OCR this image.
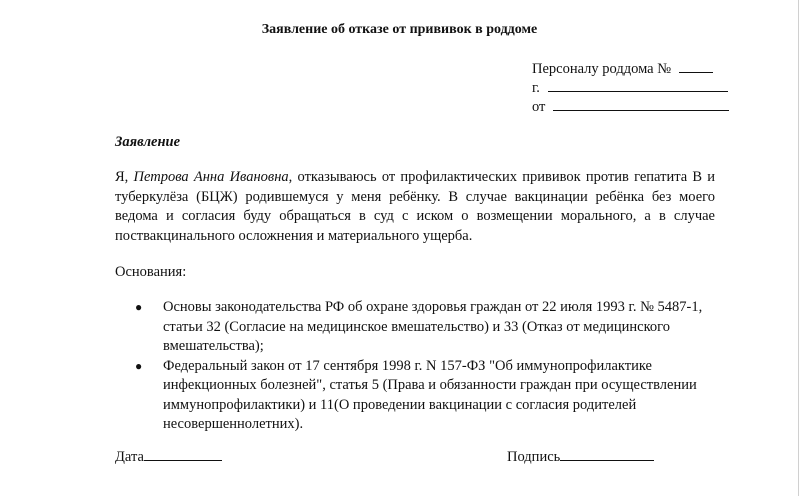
Заявление об отказе от прививок в роддоме
Персоналу роддома №
г.
от
Заявление
Я, Петрова Анна Ивановна, отказываюсь от профилактических прививок против гепатита В и туберкулёза (БЦЖ) родившемуся у меня ребёнку. В случае вакцинации ребёнка без моего ведома и согласия буду обращаться в суд с иском о возмещении морального, а в случае поствакцинального осложнения и материального ущерба.
Основания:
● Основы законодательства РФ об охране здоровья граждан от 22 июля 1993 г. № 5487-1, статьи 32 (Согласие на медицинское вмешательство) и 33 (Отказ от медицинского вмешательства);
● Федеральный закон от 17 сентября 1998 г. N 157-ФЗ "Об иммунопрофилактике инфекционных болезней", статья 5 (Права и обязанности граждан при осуществлении иммунопрофилактики) и 11(О проведении вакцинации с согласия родителей несовершеннолетних).
Дата	Подпись
